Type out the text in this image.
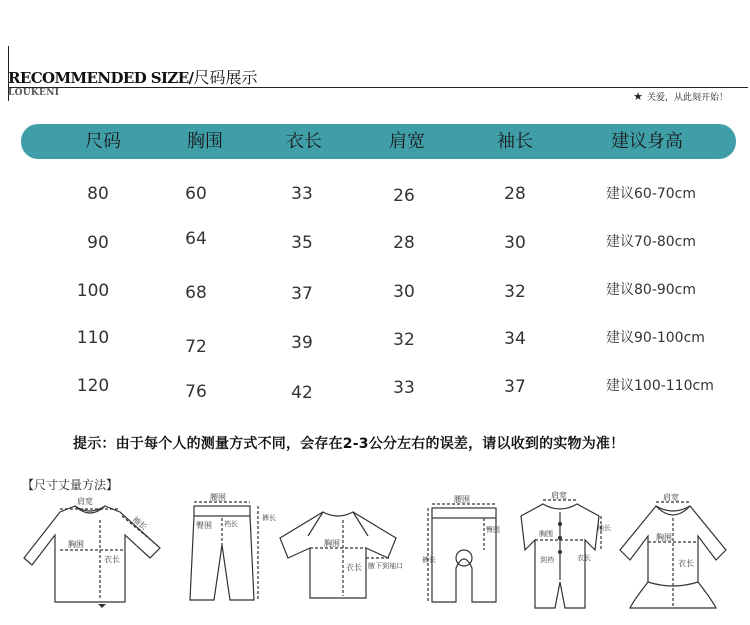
RECOMMENDED SIZE/尺码展示
LOUKENI	★ 关爱，从此刻开始！
尺码	胸围	衣长	肩宽	袖长	建议身高
80	60	33	26	28	建议60-70cm
90	64	35	28	30	建议70-80cm
100	68	37	30	32	建议80-90cm
110	72	39	32	34	建议90-100cm
120	76	42	33	37	建议100-110cm
提示：由于每个人的测量方式不同，会存在2-3公分左右的误差，请以收到的实物为准！
【尺寸丈量方法】
肩宽
袖长
胸围
衣长
腰围
臀围 裆长
裤长
胸围
衣长 腋下到袖口
腰围
臀围
裤长
肩宽
胸围
到裆	衣长
袖长
肩宽
胸围
衣长
